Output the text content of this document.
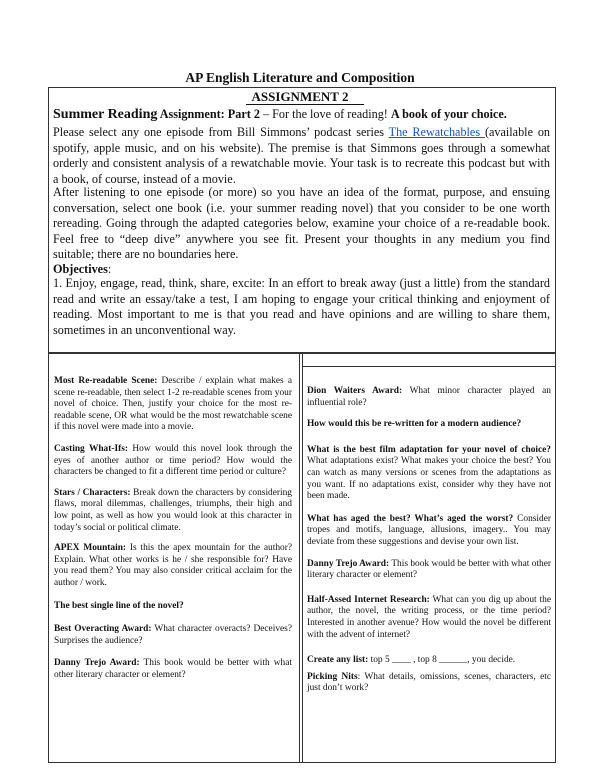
AP English Literature and Composition
ASSIGNMENT 2

Summer Reading Assignment: Part 2 – For the love of reading! A book of your choice.

Please select any one episode from Bill Simmons’ podcast series The Rewatchables (available on spotify, apple music, and on his website). The premise is that Simmons goes through a somewhat orderly and consistent analysis of a rewatchable movie. Your task is to recreate this podcast but with a book, of course, instead of a movie.

After listening to one episode (or more) so you have an idea of the format, purpose, and ensuing conversation, select one book (i.e. your summer reading novel) that you consider to be one worth rereading. Going through the adapted categories below, examine your choice of a re-readable book. Feel free to “deep dive” anywhere you see fit. Present your thoughts in any medium you find suitable; there are no boundaries here.

Objectives:

1. Enjoy, engage, read, think, share, excite: In an effort to break away (just a little) from the standard read and write an essay/take a test, I am hoping to engage your critical thinking and enjoyment of reading. Most important to me is that you read and have opinions and are willing to share them, sometimes in an unconventional way.

Most Re-readable Scene: Describe / explain what makes a scene re-readable, then select 1-2 re-readable scenes from your novel of choice. Then, justify your choice for the most re-readable scene, OR what would be the most rewatchable scene if this novel were made into a movie.

Casting What-Ifs: How would this novel look through the eyes of another author or time period? How would the characters be changed to fit a different time period or culture?

Stars / Characters: Break down the characters by considering flaws, moral dilemmas, challenges, triumphs, their high and low point, as well as how you would look at this character in today’s social or political climate.

APEX Mountain: Is this the apex mountain for the author? Explain. What other works is he / she responsible for? Have you read them? You may also consider critical acclaim for the author / work.

The best single line of the novel?

Best Overacting Award: What character overacts? Deceives? Surprises the audience?

Danny Trejo Award: This book would be better with what other literary character or element?

Dion Waiters Award: What minor character played an influential role?

How would this be re-written for a modern audience?

What is the best film adaptation for your novel of choice? What adaptations exist? What makes your choice the best? You can watch as many versions or scenes from the adaptations as you want. If no adaptations exist, consider why they have not been made.

What has aged the best? What’s aged the worst? Consider tropes and motifs, language, allusions, imagery.. You may deviate from these suggestions and devise your own list.

Danny Trejo Award: This book would be better with what other literary character or element?

Half-Assed Internet Research: What can you dig up about the author, the novel, the writing process, or the time period? Interested in another avenue? How would the novel be different with the advent of internet?

Create any list: top 5 ____ , top 8 ______, you decide.

Picking Nits: What details, omissions, scenes, characters, etc just don’t work?
